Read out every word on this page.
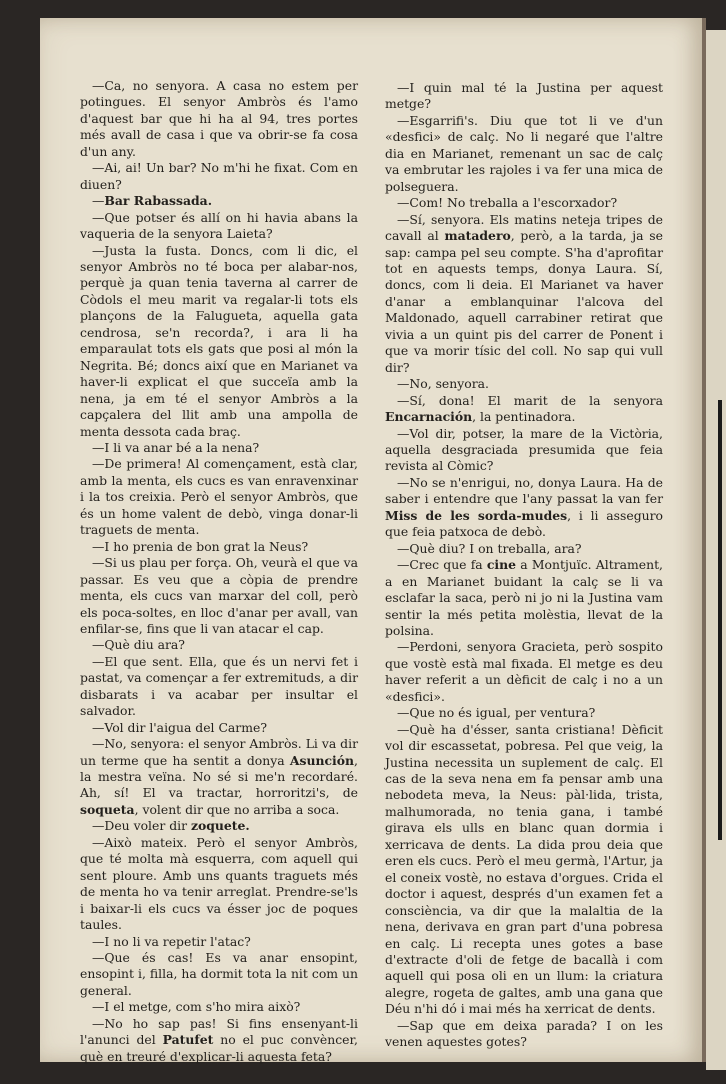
—Ca, no senyora. A casa no estem per potingues. El senyor Ambròs és l'amo d'aquest bar que hi ha al 94, tres portes més avall de casa i que va obrir-se fa cosa d'un any.

—Ai, ai! Un bar? No m'hi he fixat. Com en diuen?

—Bar Rabassada.

—Que potser és allí on hi havia abans la vaqueria de la senyora Laieta?

—Justa la fusta. Doncs, com li dic, el senyor Ambròs no té boca per alabar-nos, perquè ja quan tenia taverna al carrer de Còdols el meu marit va regalar-li tots els plançons de la Falugueta, aquella gata cendrosa, se'n recorda?, i ara li ha emparaulat tots els gats que posi al món la Negrita. Bé; doncs així que en Marianet va haver-li explicat el que succeïa amb la nena, ja em té el senyor Ambròs a la capçalera del llit amb una ampolla de menta dessota cada braç.

—I li va anar bé a la nena?

—De primera! Al començament, està clar, amb la menta, els cucs es van enravenxinar i la tos creixia. Però el senyor Ambròs, que és un home valent de debò, vinga donar-li traguets de menta.

—I ho prenia de bon grat la Neus?

—Si us plau per força. Oh, veurà el que va passar. Es veu que a còpia de prendre menta, els cucs van marxar del coll, però els poca-soltes, en lloc d'anar per avall, van enfilar-se, fins que li van atacar el cap.

—Què diu ara?

—El que sent. Ella, que és un nervi fet i pastat, va començar a fer extremituds, a dir disbarats i va acabar per insultar el salvador.

—Vol dir l'aigua del Carme?

—No, senyora: el senyor Ambròs. Li va dir un terme que ha sentit a donya Asunción, la mestra veïna. No sé si me'n recordaré. Ah, sí! El va tractar, horroritzi's, de soqueta, volent dir que no arriba a soca.

—Deu voler dir zoquete.

—Això mateix. Però el senyor Ambròs, que té molta mà esquerra, com aquell qui sent ploure. Amb uns quants traguets més de menta ho va tenir arreglat. Prendre-se'ls i baixar-li els cucs va ésser joc de poques taules.

—I no li va repetir l'atac?

—Que és cas! Es va anar ensopint, ensopint i, filla, ha dormit tota la nit com un general.

—I el metge, com s'ho mira això?

—No ho sap pas! Si fins ensenyant-li l'anunci del Patufet no el puc convèncer, què en treuré d'explicar-li aquesta feta?

—I quin mal té la Justina per aquest metge?

—Esgarrifi's. Diu que tot li ve d'un «desfici» de calç. No li negaré que l'altre dia en Marianet, remenant un sac de calç va embrutar les rajoles i va fer una mica de polseguera.

—Com! No treballa a l'escorxador?

—Sí, senyora. Els matins neteja tripes de cavall al matadero, però, a la tarda, ja se sap: campa pel seu compte. S'ha d'aprofitar tot en aquests temps, donya Laura. Sí, doncs, com li deia. El Marianet va haver d'anar a emblanquinar l'alcova del Maldonado, aquell carrabiner retirat que vivia a un quint pis del carrer de Ponent i que va morir tísic del coll. No sap qui vull dir?

—No, senyora.

—Sí, dona! El marit de la senyora Encarnación, la pentinadora.

—Vol dir, potser, la mare de la Victòria, aquella desgraciada presumida que feia revista al Còmic?

—No se n'enrigui, no, donya Laura. Ha de saber i entendre que l'any passat la van fer Miss de les sorda-mudes, i li asseguro que feia patxoca de debò.

—Què diu? I on treballa, ara?

—Crec que fa cine a Montjuïc. Altrament, a en Marianet buidant la calç se li va esclafar la saca, però ni jo ni la Justina vam sentir la més petita molèstia, llevat de la polsina.

—Perdoni, senyora Gracieta, però sospito que vostè està mal fixada. El metge es deu haver referit a un dèficit de calç i no a un «desfici».

—Que no és igual, per ventura?

—Què ha d'ésser, santa cristiana! Dèficit vol dir escassetat, pobresa. Pel que veig, la Justina necessita un suplement de calç. El cas de la seva nena em fa pensar amb una nebodeta meva, la Neus: pàl·lida, trista, malhumorada, no tenia gana, i també girava els ulls en blanc quan dormia i xerricava de dents. La dida prou deia que eren els cucs. Però el meu germà, l'Artur, ja el coneix vostè, no estava d'orgues. Crida el doctor i aquest, després d'un examen fet a consciència, va dir que la malaltia de la nena, derivava en gran part d'una pobresa en calç. Li recepta unes gotes a base d'extracte d'oli de fetge de bacallà i com aquell qui posa oli en un llum: la criatura alegre, rogeta de galtes, amb una gana que Déu n'hi dó i mai més ha xerricat de dents.

—Sap que em deixa parada? I on les venen aquestes gotes?
